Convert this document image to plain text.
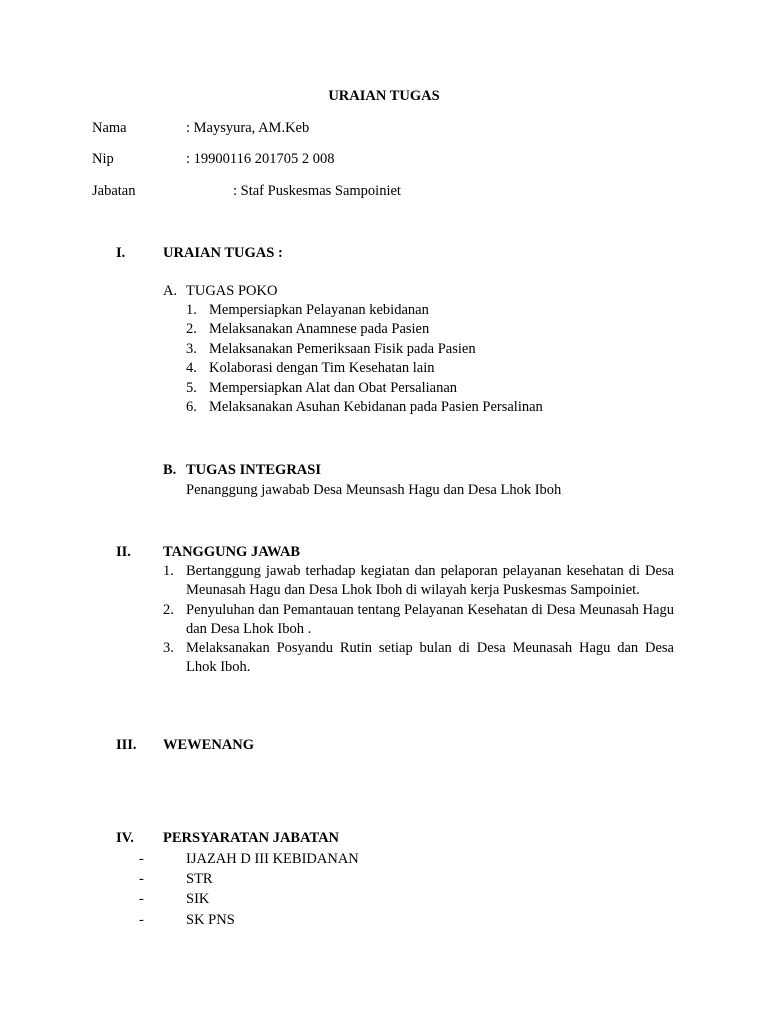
URAIAN TUGAS
Nama	: Maysyura, AM.Keb
Nip	: 19900116 201705 2 008
Jabatan	: Staf Puskesmas Sampoiniet
I.	URAIAN TUGAS :
A. TUGAS POKO
1. Mempersiapkan Pelayanan kebidanan
2. Melaksanakan Anamnese pada Pasien
3. Melaksanakan Pemeriksaan Fisik pada Pasien
4. Kolaborasi dengan Tim Kesehatan lain
5. Mempersiapkan Alat dan Obat Persalianan
6. Melaksanakan Asuhan Kebidanan pada Pasien Persalinan
B. TUGAS INTEGRASI
Penanggung jawabab Desa Meunsash Hagu dan Desa Lhok Iboh
II. TANGGUNG JAWAB
1. Bertanggung jawab terhadap kegiatan dan pelaporan pelayanan kesehatan di Desa Meunasah Hagu dan Desa Lhok Iboh di wilayah kerja Puskesmas Sampoiniet.
2. Penyuluhan dan Pemantauan tentang Pelayanan Kesehatan di Desa Meunasah Hagu dan Desa Lhok Iboh .
3. Melaksanakan Posyandu Rutin setiap bulan di Desa Meunasah Hagu dan Desa Lhok Iboh.
III. WEWENANG
IV. PERSYARATAN JABATAN
-	IJAZAH D III KEBIDANAN
-	STR
-	SIK
-	SK PNS
